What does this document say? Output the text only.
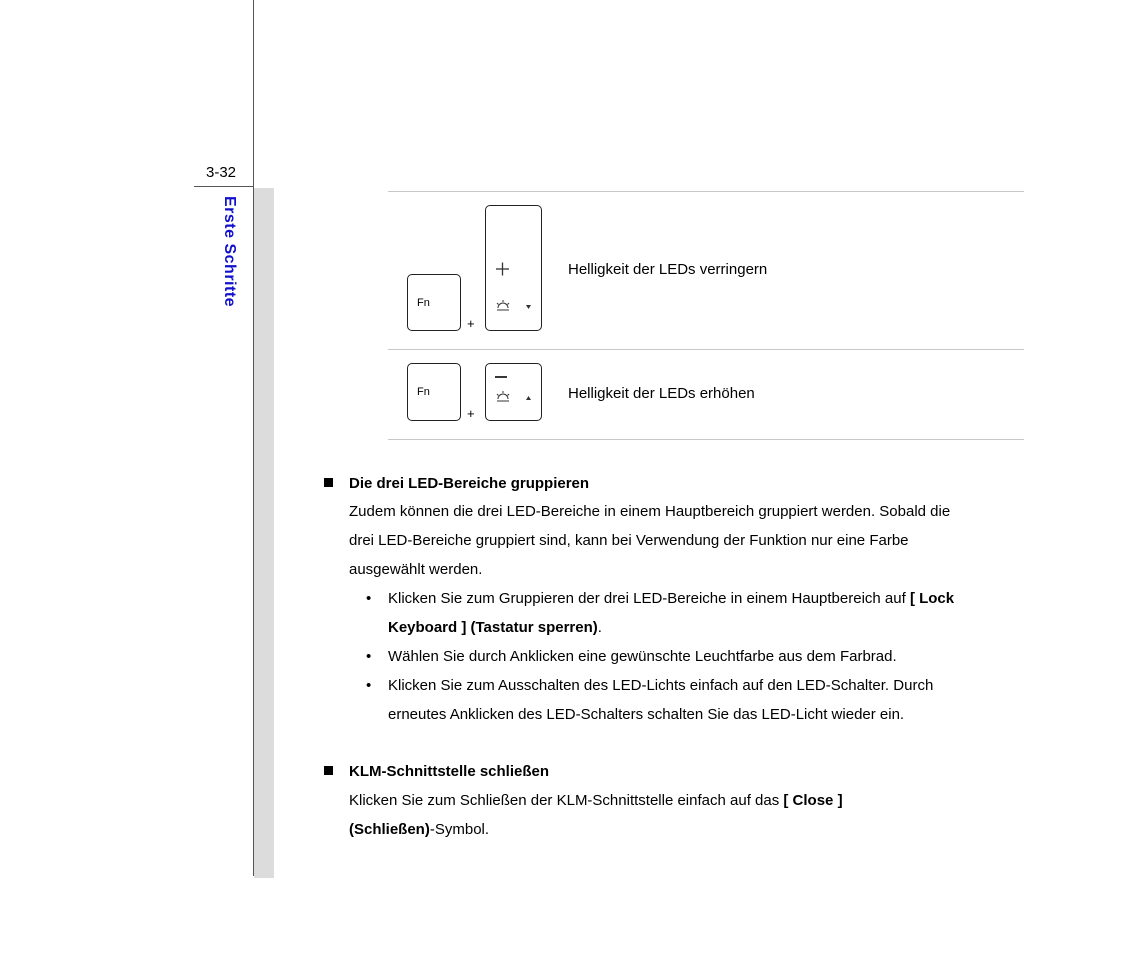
3-32
Erste Schritte	Fn
+
Helligkeit der LEDs verringern
Fn
+
Helligkeit der LEDs erhöhen
Die drei LED-Bereiche gruppieren

Zudem können die drei LED-Bereiche in einem Hauptbereich gruppiert werden. Sobald die
drei LED-Bereiche gruppiert sind, kann bei Verwendung der Funktion nur eine Farbe
ausgewählt werden.

• Klicken Sie zum Gruppieren der drei LED-Bereiche in einem Hauptbereich auf [ Lock
Keyboard ] (Tastatur sperren).

• Wählen Sie durch Anklicken eine gewünschte Leuchtfarbe aus dem Farbrad.

• Klicken Sie zum Ausschalten des LED-Lichts einfach auf den LED-Schalter. Durch
erneutes Anklicken des LED-Schalters schalten Sie das LED-Licht wieder ein.

KLM-Schnittstelle schließen

Klicken Sie zum Schließen der KLM-Schnittstelle einfach auf das [ Close ]
(Schließen)-Symbol.
